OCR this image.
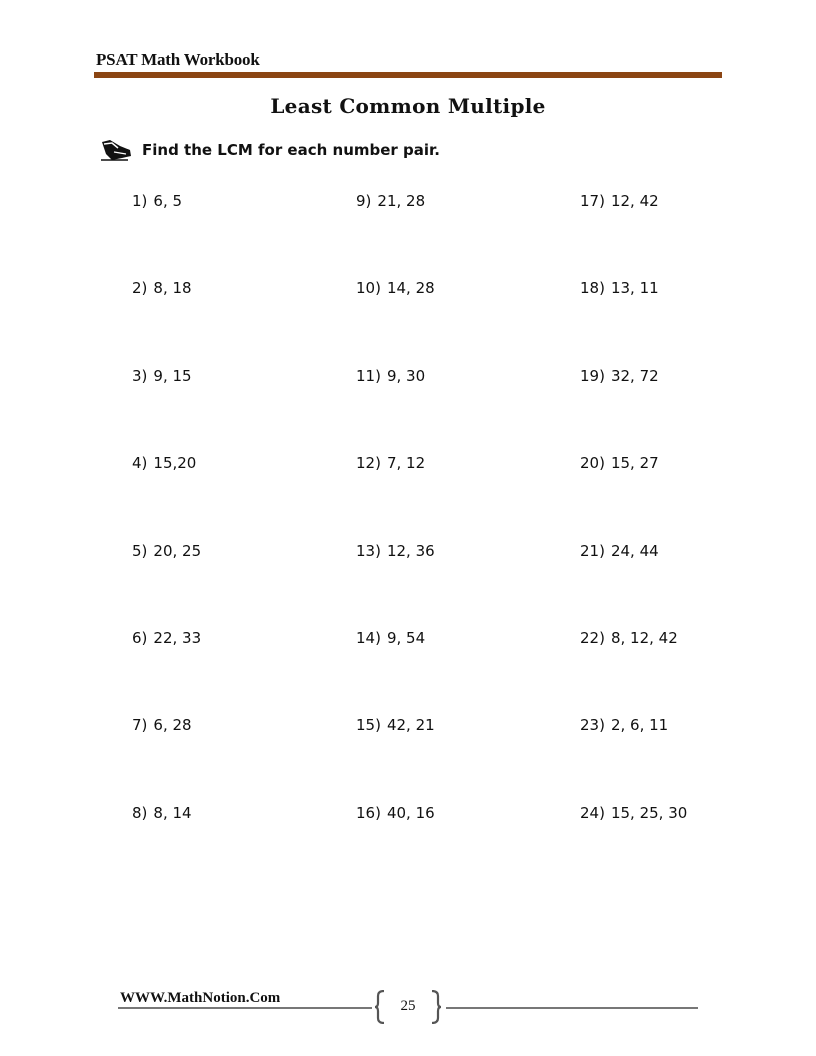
PSAT Math Workbook
Least Common Multiple
Find the LCM for each number pair.
1) 6, 5
2) 8, 18
3) 9, 15
4) 15,20
5) 20, 25
6) 22, 33
7) 6, 28
8) 8, 14
9) 21, 28
10) 14, 28
11) 9, 30
12) 7, 12
13) 12, 36
14) 9, 54
15) 42, 21
16) 40, 16
17) 12, 42
18) 13, 11
19) 32, 72
20) 15, 27
21) 24, 44
22) 8, 12, 42
23) 2, 6, 11
24) 15, 25, 30
WWW.MathNotion.Com	25
